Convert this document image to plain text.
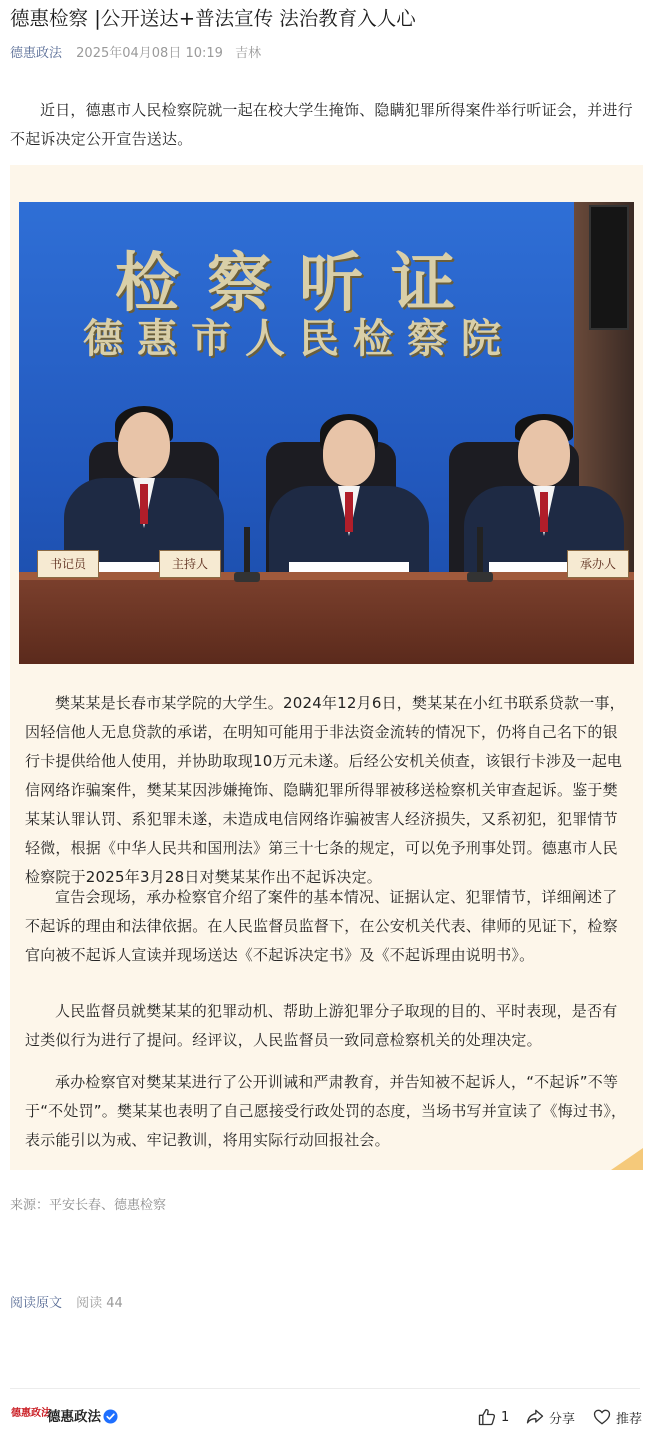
德惠检察 |公开送达+普法宣传 法治教育入人心
德惠政法 2025年04月08日 10:19 吉林

近日，德惠市人民检察院就一起在校大学生掩饰、隐瞒犯罪所得案件举行听证会，并进行不起诉决定公开宣告送达。

检察听证
德惠市人民检察院
书记员	主持人	承办人

樊某某是长春市某学院的大学生。2024年12月6日，樊某某在小红书联系贷款一事，因轻信他人无息贷款的承诺，在明知可能用于非法资金流转的情况下，仍将自己名下的银行卡提供给他人使用，并协助取现10万元未遂。后经公安机关侦查，该银行卡涉及一起电信网络诈骗案件，樊某某因涉嫌掩饰、隐瞒犯罪所得罪被移送检察机关审查起诉。鉴于樊某某认罪认罚、系犯罪未遂，未造成电信网络诈骗被害人经济损失，又系初犯，犯罪情节轻微，根据《中华人民共和国刑法》第三十七条的规定，可以免予刑事处罚。德惠市人民检察院于2025年3月28日对樊某某作出不起诉决定。

宣告会现场，承办检察官介绍了案件的基本情况、证据认定、犯罪情节，详细阐述了不起诉的理由和法律依据。在人民监督员监督下，在公安机关代表、律师的见证下，检察官向被不起诉人宣读并现场送达《不起诉决定书》及《不起诉理由说明书》。

人民监督员就樊某某的犯罪动机、帮助上游犯罪分子取现的目的、平时表现，是否有过类似行为进行了提问。经评议，人民监督员一致同意检察机关的处理决定。

承办检察官对樊某某进行了公开训诫和严肃教育，并告知被不起诉人，“不起诉”不等于“不处罚”。樊某某也表明了自己愿接受行政处罚的态度，当场书写并宣读了《悔过书》，表示能引以为戒、牢记教训，将用实际行动回报社会。

来源：平安长春、德惠检察
阅读原文 阅读 44
德惠政法
德惠政法	1	分享	推荐
